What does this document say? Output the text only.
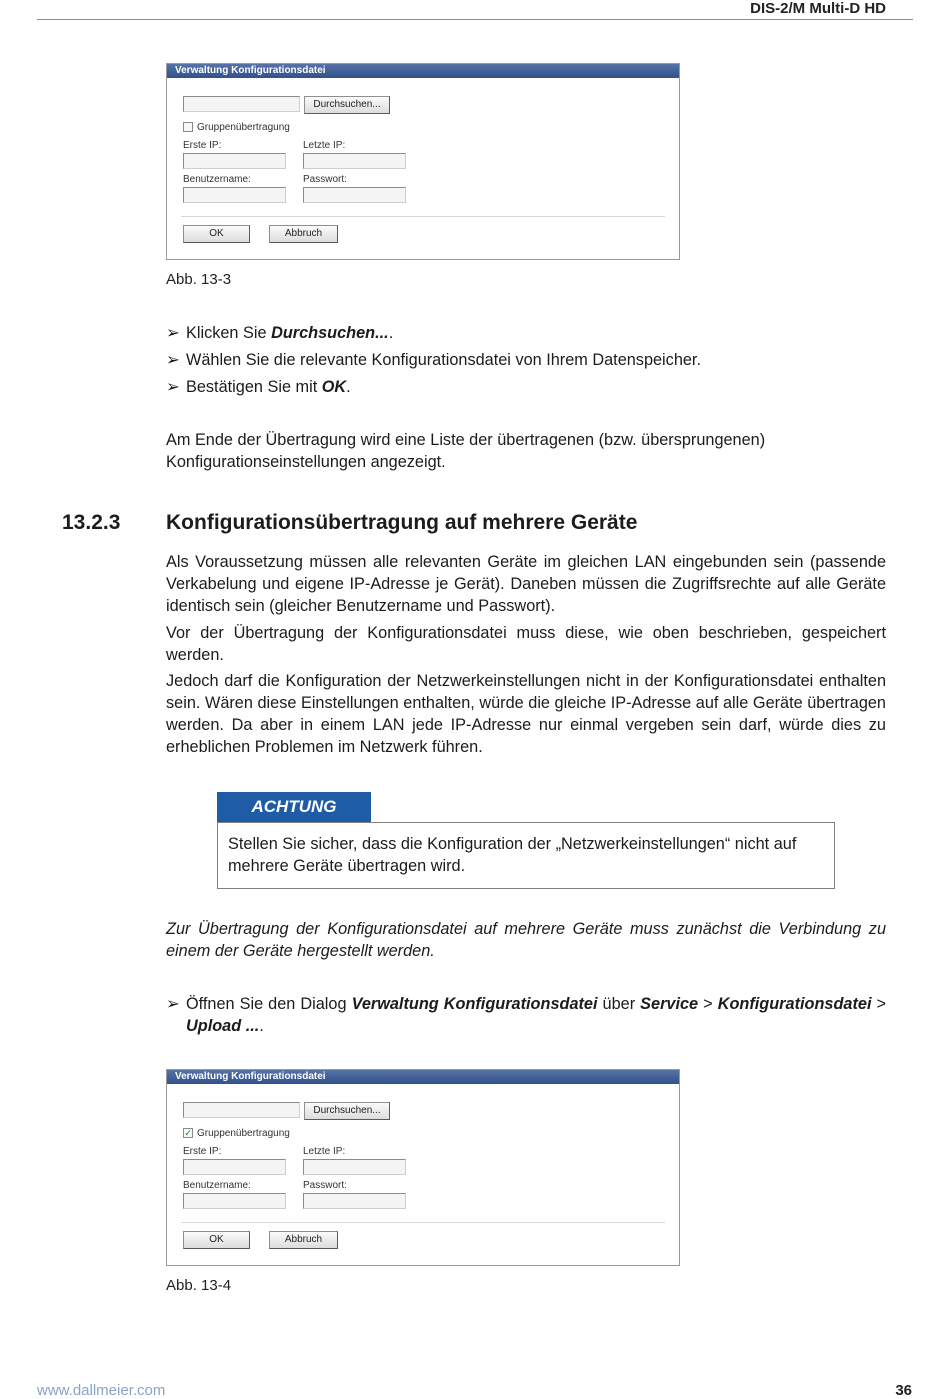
DIS-2/M Multi-D HD
Verwaltung Konfigurationsdatei
Durchsuchen...
Gruppenübertragung
Erste IP:	Letzte IP:
Benutzername:	Passwort:
OK	Abbruch
Abb. 13-3
➢ Klicken Sie Durchsuchen....
➢ Wählen Sie die relevante Konfigurationsdatei von Ihrem Datenspeicher.
➢ Bestätigen Sie mit OK.
Am Ende der Übertragung wird eine Liste der übertragenen (bzw. übersprungenen) Konfigurationseinstellungen angezeigt.
13.2.3 Konfigurationsübertragung auf mehrere Geräte
Als Voraussetzung müssen alle relevanten Geräte im gleichen LAN eingebunden sein (passende Verkabelung und eigene IP-Adresse je Gerät). Daneben müssen die Zugriffsrechte auf alle Geräte identisch sein (gleicher Benutzername und Passwort).
Vor der Übertragung der Konfigurationsdatei muss diese, wie oben beschrieben, gespeichert werden.
Jedoch darf die Konfiguration der Netzwerkeinstellungen nicht in der Konfigurationsdatei enthalten sein. Wären diese Einstellungen enthalten, würde die gleiche IP-Adresse auf alle Geräte übertragen werden. Da aber in einem LAN jede IP-Adresse nur einmal vergeben sein darf, würde dies zu erheblichen Problemen im Netzwerk führen.
ACHTUNG
Stellen Sie sicher, dass die Konfiguration der „Netzwerkeinstellungen“ nicht auf mehrere Geräte übertragen wird.
Zur Übertragung der Konfigurationsdatei auf mehrere Geräte muss zunächst die Verbindung zu einem der Geräte hergestellt werden.
➢ Öffnen Sie den Dialog Verwaltung Konfigurationsdatei über Service > Konfigurationsdatei > Upload ....
Verwaltung Konfigurationsdatei
Durchsuchen...
✓ Gruppenübertragung
Erste IP:	Letzte IP:
Benutzername:	Passwort:
OK	Abbruch
Abb. 13-4
www.dallmeier.com	36
